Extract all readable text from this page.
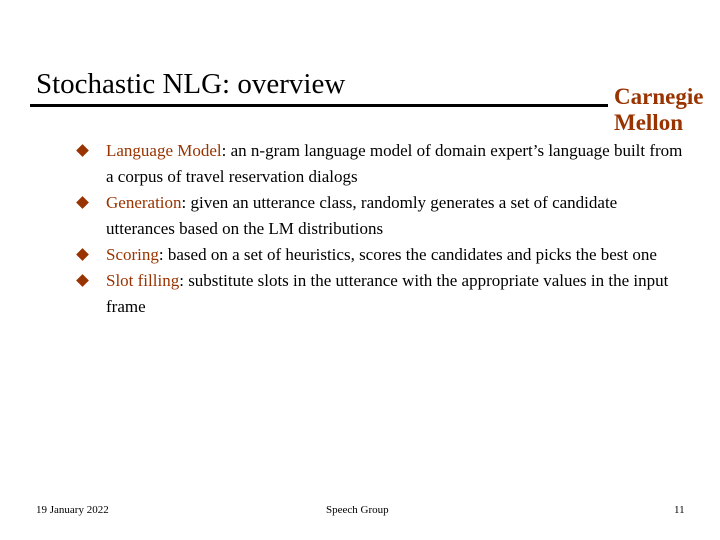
Stochastic NLG: overview	Carnegie
Mellon
Language Model: an n-gram language model of domain expert’s language built from a corpus of travel reservation dialogs
Generation: given an utterance class, randomly generates a set of candidate utterances based on the LM distributions
Scoring: based on a set of heuristics, scores the candidates and picks the best one
Slot filling: substitute slots in the utterance with the appropriate values in the input frame
19 January 2022	Speech Group	11
